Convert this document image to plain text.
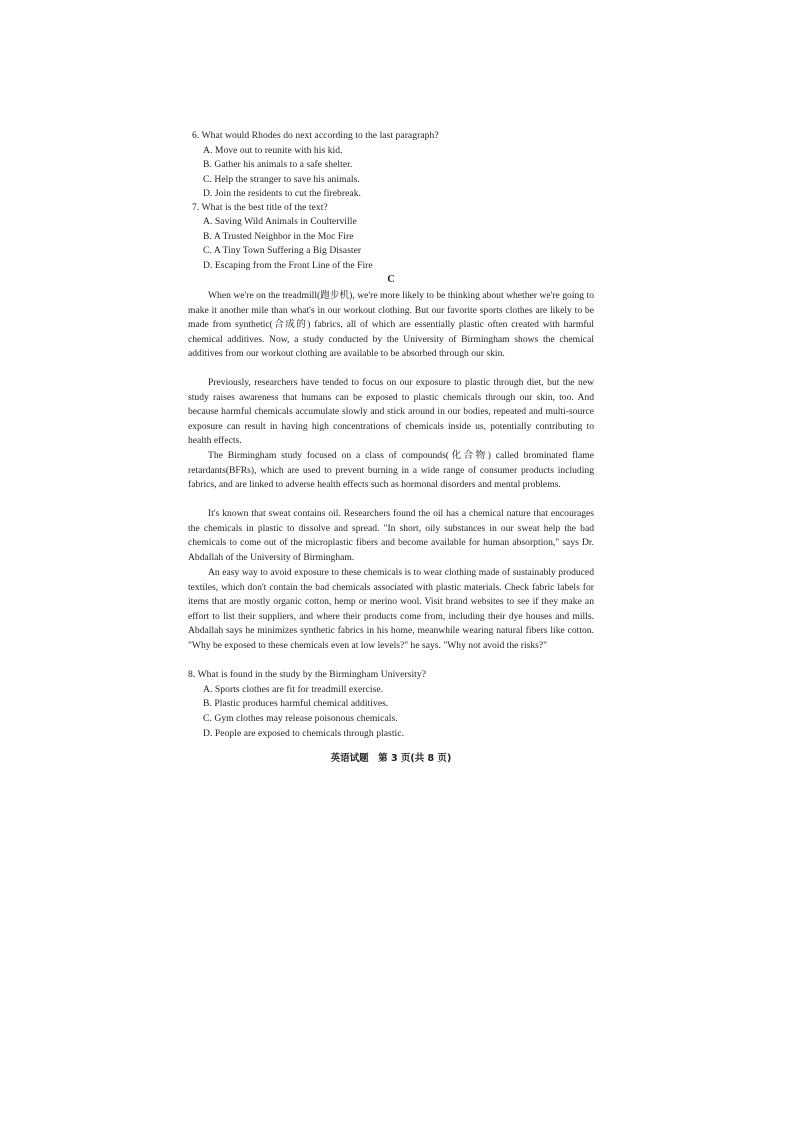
6. What would Rhodes do next according to the last paragraph?
A. Move out to reunite with his kid.
B. Gather his animals to a safe shelter.
C. Help the stranger to save his animals.
D. Join the residents to cut the firebreak.
7. What is the best title of the text?
A. Saving Wild Animals in Coulterville
B. A Trusted Neighbor in the Moc Fire
C. A Tiny Town Suffering a Big Disaster
D. Escaping from the Front Line of the Fire
C
When we're on the treadmill(跑步机), we're more likely to be thinking about whether we're going to make it another mile than what's in our workout clothing. But our favorite sports clothes are likely to be made from synthetic(合成的) fabrics, all of which are essentially plastic often created with harmful chemical additives. Now, a study conducted by the University of Birmingham shows the chemical additives from our workout clothing are available to be absorbed through our skin.
Previously, researchers have tended to focus on our exposure to plastic through diet, but the new study raises awareness that humans can be exposed to plastic chemicals through our skin, too. And because harmful chemicals accumulate slowly and stick around in our bodies, repeated and multi-source exposure can result in having high concentrations of chemicals inside us, potentially contributing to health effects.
The Birmingham study focused on a class of compounds(化合物) called brominated flame retardants(BFRs), which are used to prevent burning in a wide range of consumer products including fabrics, and are linked to adverse health effects such as hormonal disorders and mental problems.
It's known that sweat contains oil. Researchers found the oil has a chemical nature that encourages the chemicals in plastic to dissolve and spread. "In short, oily substances in our sweat help the bad chemicals to come out of the microplastic fibers and become available for human absorption," says Dr. Abdallah of the University of Birmingham.
An easy way to avoid exposure to these chemicals is to wear clothing made of sustainably produced textiles, which don't contain the bad chemicals associated with plastic materials. Check fabric labels for items that are mostly organic cotton, hemp or merino wool. Visit brand websites to see if they make an effort to list their suppliers, and where their products come from, including their dye houses and mills. Abdallah says he minimizes synthetic fabrics in his home, meanwhile wearing natural fibers like cotton. "Why be exposed to these chemicals even at low levels?" he says. "Why not avoid the risks?"
8. What is found in the study by the Birmingham University?
A. Sports clothes are fit for treadmill exercise.
B. Plastic produces harmful chemical additives.
C. Gym clothes may release poisonous chemicals.
D. People are exposed to chemicals through plastic.
英语试题　第 3 页(共 8 页)
